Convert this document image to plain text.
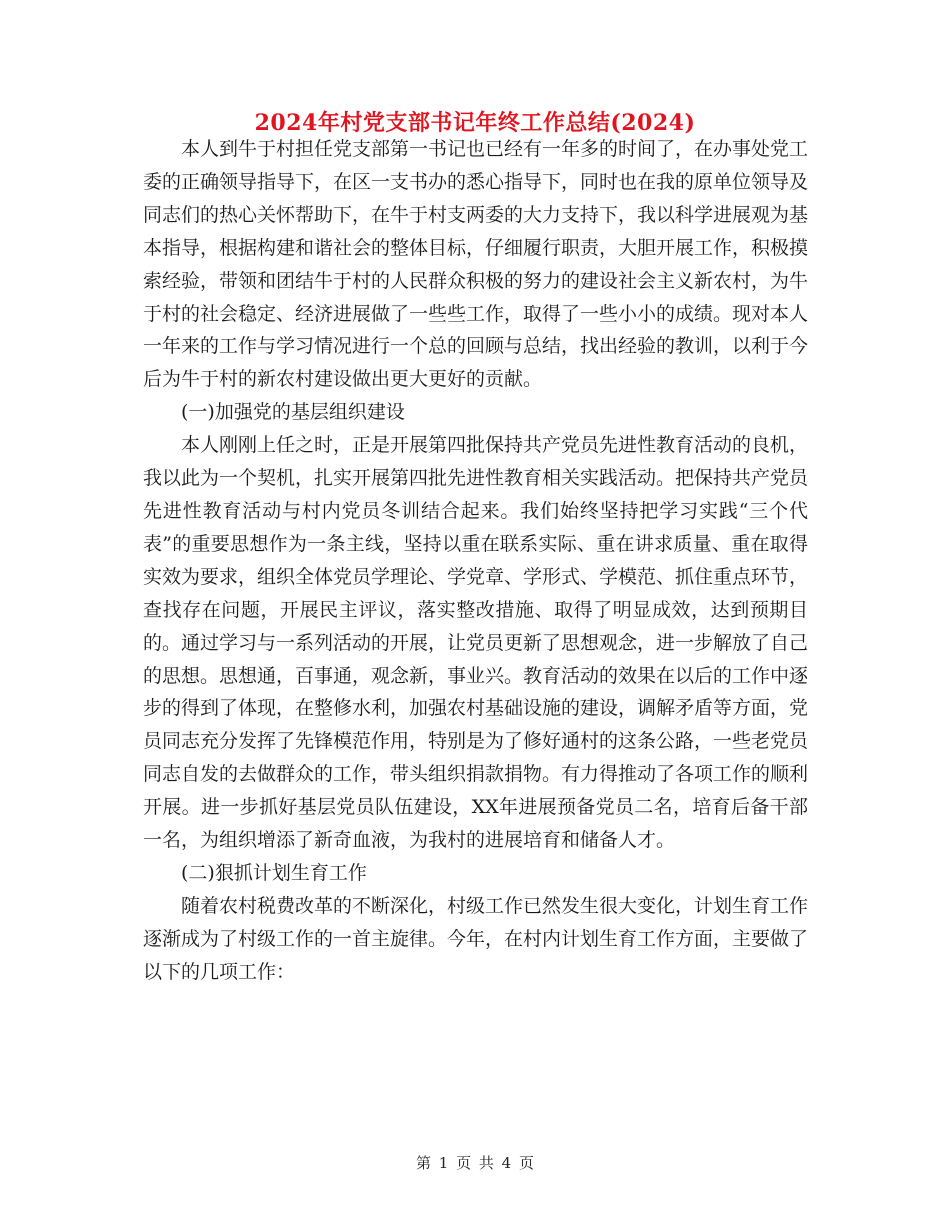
2024年村党支部书记年终工作总结(2024)

本人到牛于村担任党支部第一书记也已经有一年多的时间了，在办事处党工委的正确领导指导下，在区一支书办的悉心指导下，同时也在我的原单位领导及同志们的热心关怀帮助下，在牛于村支两委的大力支持下，我以科学进展观为基本指导，根据构建和谐社会的整体目标，仔细履行职责，大胆开展工作，积极摸索经验，带领和团结牛于村的人民群众积极的努力的建设社会主义新农村，为牛于村的社会稳定、经济进展做了一些些工作，取得了一些小小的成绩。现对本人一年来的工作与学习情况进行一个总的回顾与总结，找出经验的教训，以利于今后为牛于村的新农村建设做出更大更好的贡献。

(一)加强党的基层组织建设

本人刚刚上任之时，正是开展第四批保持共产党员先进性教育活动的良机，我以此为一个契机，扎实开展第四批先进性教育相关实践活动。把保持共产党员先进性教育活动与村内党员冬训结合起来。我们始终坚持把学习实践“三个代表”的重要思想作为一条主线，坚持以重在联系实际、重在讲求质量、重在取得实效为要求，组织全体党员学理论、学党章、学形式、学模范、抓住重点环节，查找存在问题，开展民主评议，落实整改措施、取得了明显成效，达到预期目的。通过学习与一系列活动的开展，让党员更新了思想观念，进一步解放了自己的思想。思想通，百事通，观念新，事业兴。教育活动的效果在以后的工作中逐步的得到了体现，在整修水利，加强农村基础设施的建设，调解矛盾等方面，党员同志充分发挥了先锋模范作用，特别是为了修好通村的这条公路，一些老党员同志自发的去做群众的工作，带头组织捐款捐物。有力得推动了各项工作的顺利开展。进一步抓好基层党员队伍建设，XX年进展预备党员二名，培育后备干部一名，为组织增添了新奇血液，为我村的进展培育和储备人才。

(二)狠抓计划生育工作

随着农村税费改革的不断深化，村级工作已然发生很大变化，计划生育工作逐渐成为了村级工作的一首主旋律。今年，在村内计划生育工作方面，主要做了以下的几项工作：

第 1 页 共 4 页
